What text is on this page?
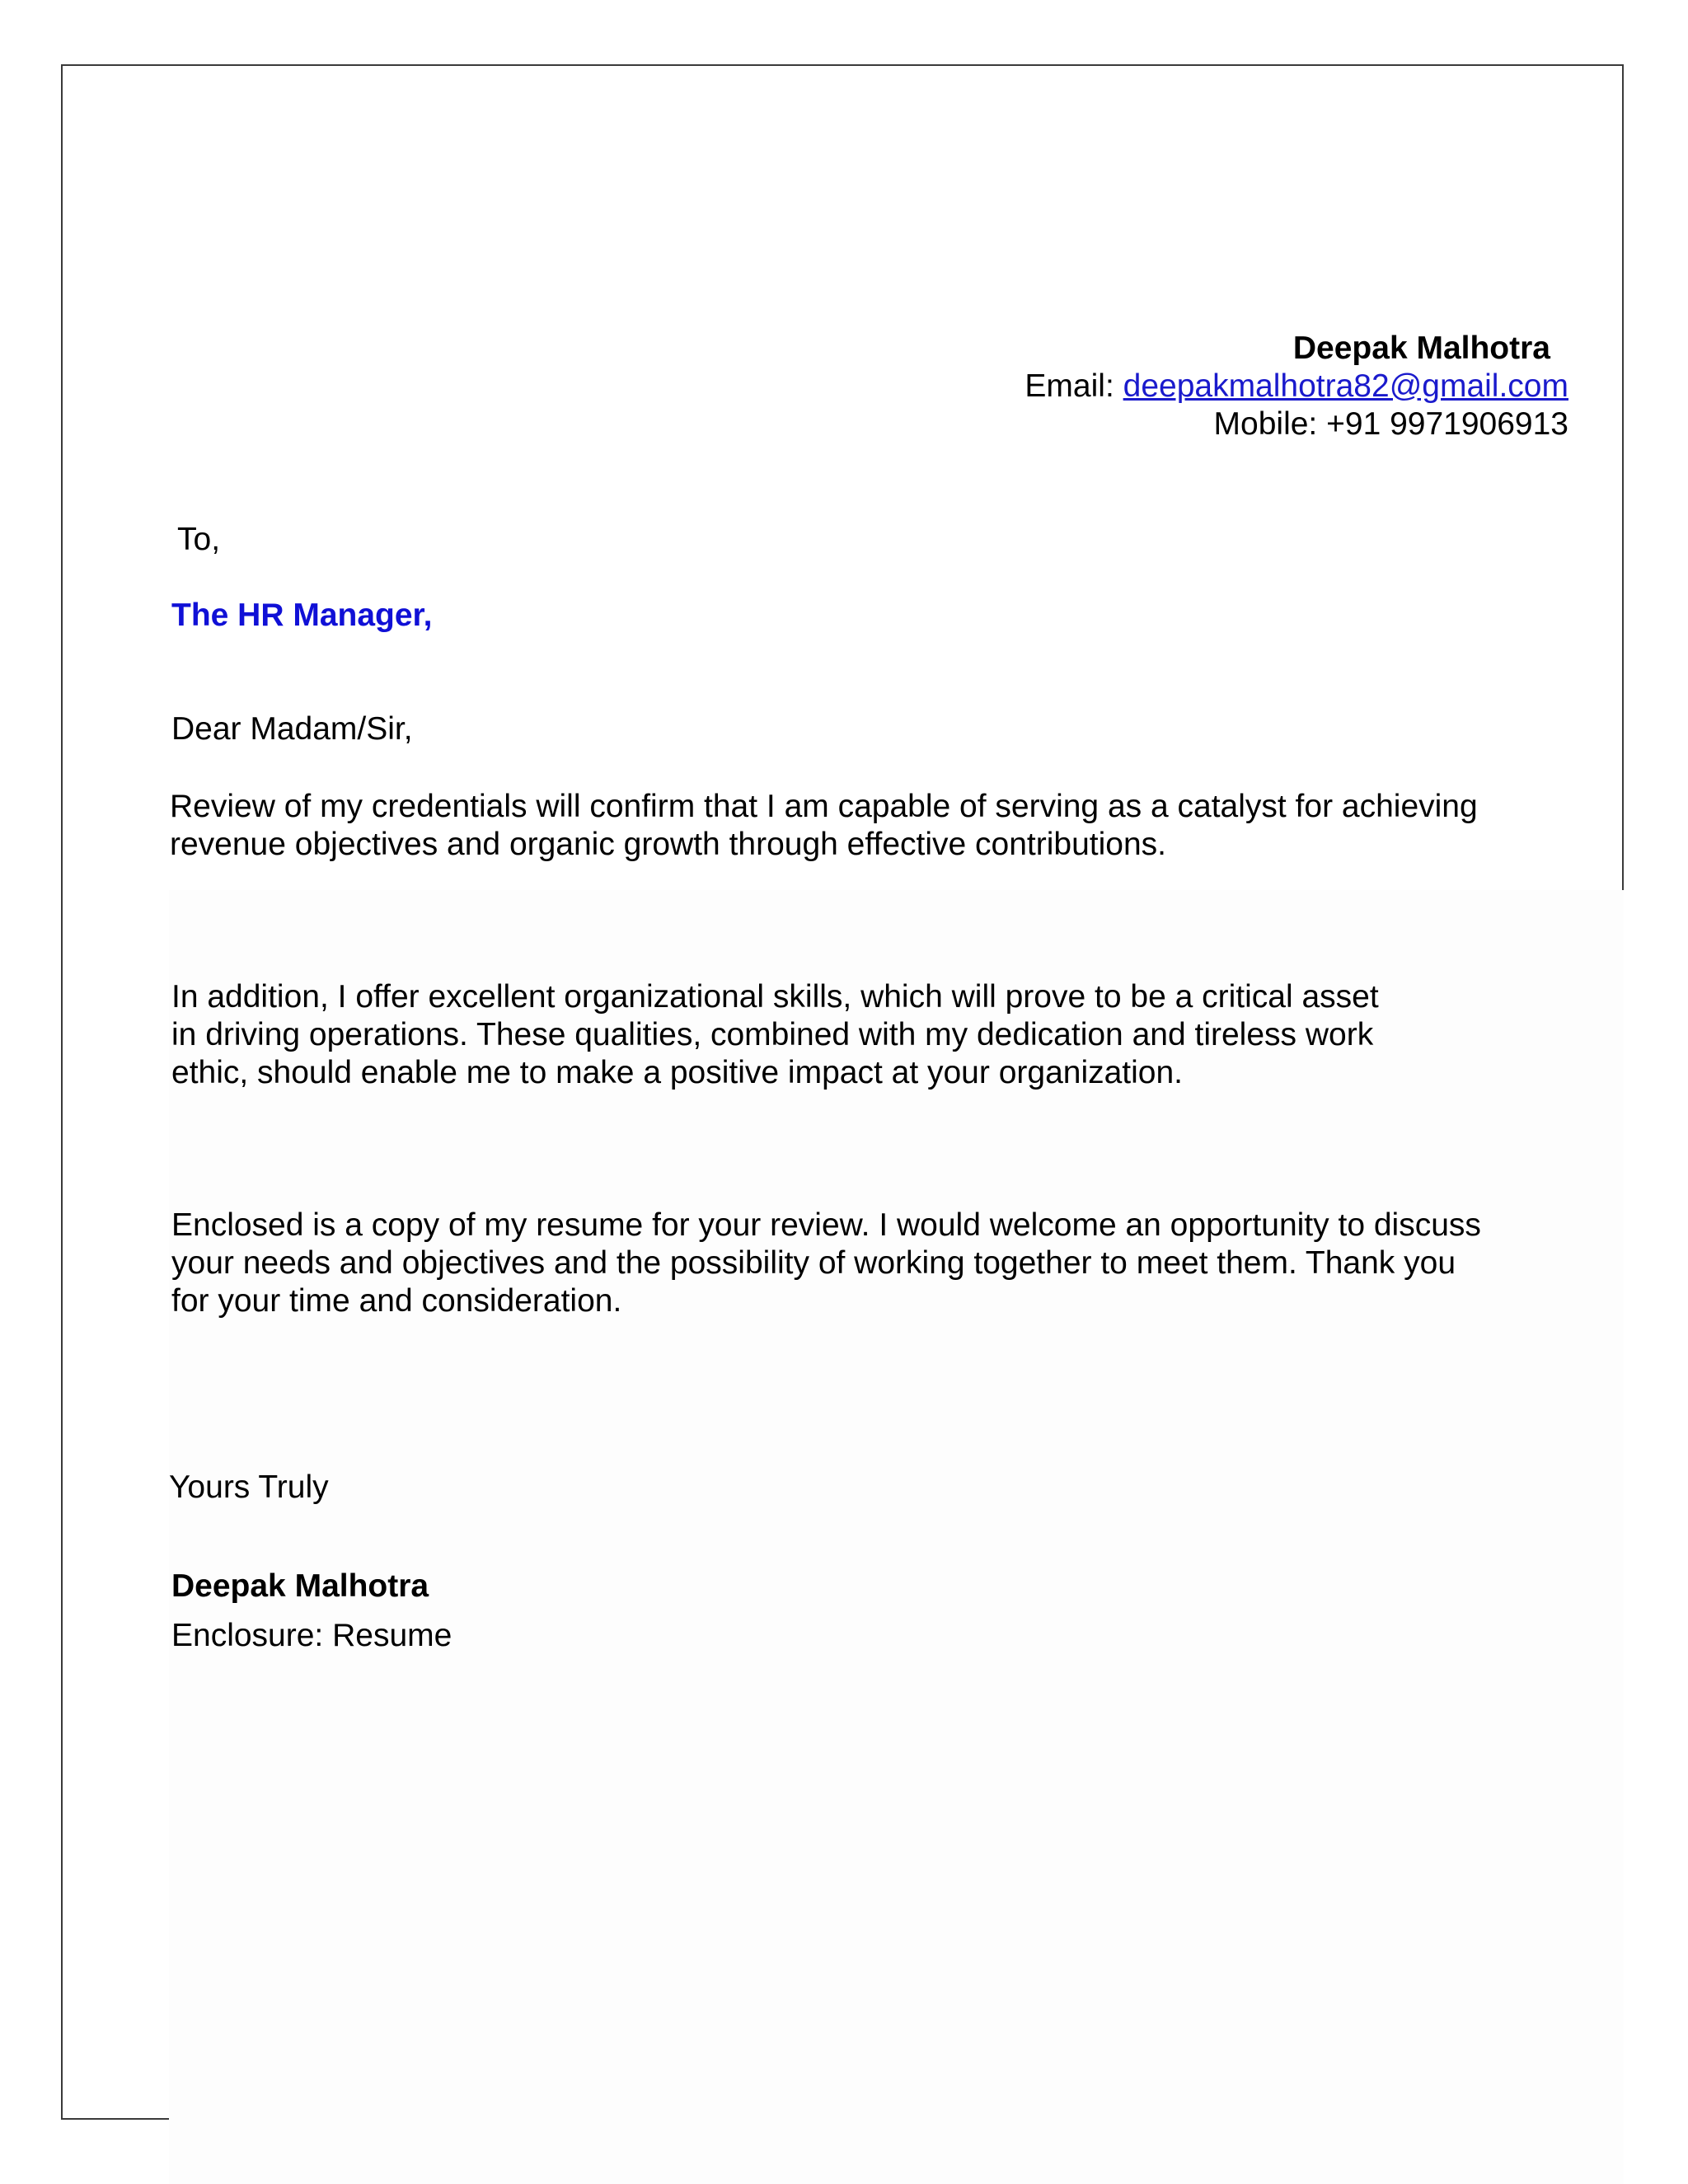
Deepak Malhotra
Email: deepakmalhotra82@gmail.com
Mobile: +91 9971906913
To,
The HR Manager,
Dear Madam/Sir,
Review of my credentials will confirm that I am capable of serving as a catalyst for achieving
revenue objectives and organic growth through effective contributions.
In addition, I offer excellent organizational skills, which will prove to be a critical asset
in driving operations. These qualities, combined with my dedication and tireless work
ethic, should enable me to make a positive impact at your organization.
Enclosed is a copy of my resume for your review. I would welcome an opportunity to discuss
your needs and objectives and the possibility of working together to meet them. Thank you
for your time and consideration.
Yours Truly
Deepak Malhotra
Enclosure: Resume
